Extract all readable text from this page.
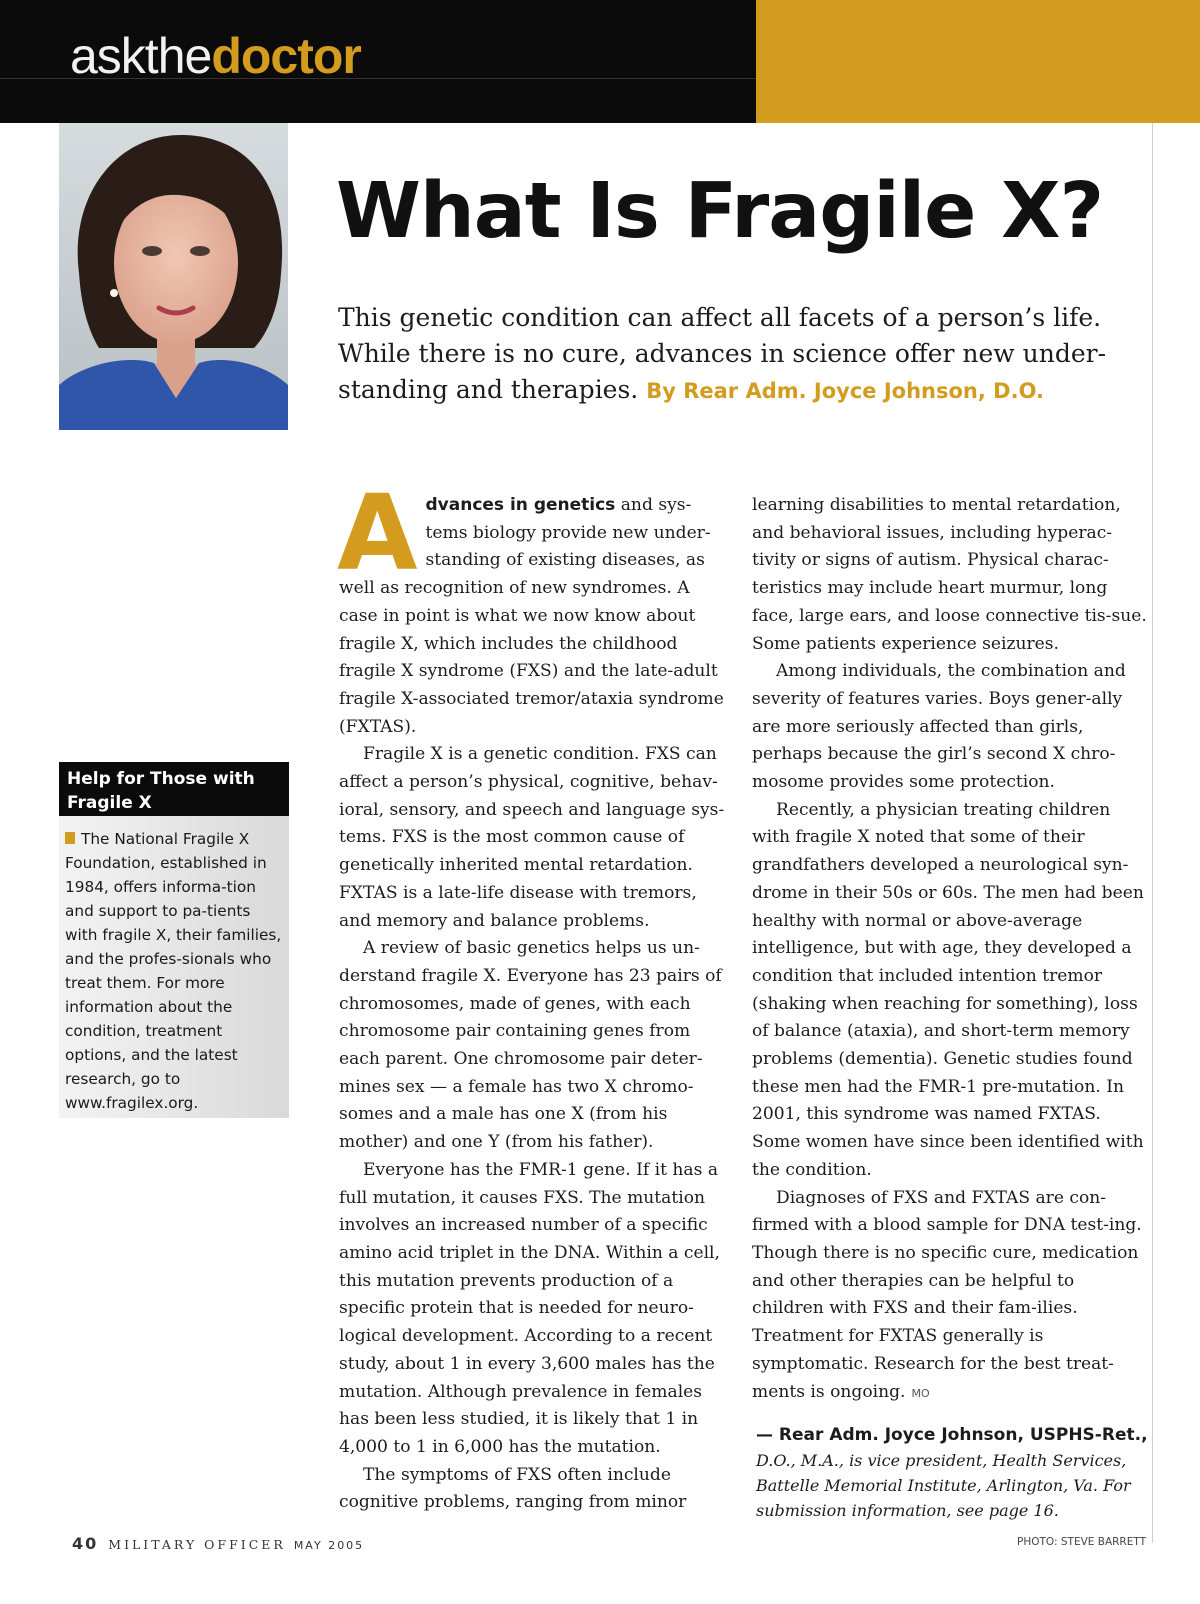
askthedoctor
What Is Fragile X?

This genetic condition can affect all facets of a person’s life. While there is no cure, advances in science offer new under-standing and therapies. By Rear Adm. Joyce Johnson, D.O.

Help for Those with Fragile X
The National Fragile X Foundation, established in 1984, offers informa-tion and support to pa-tients with fragile X, their families, and the profes-sionals who treat them. For more information about the condition, treatment options, and the latest research, go to www.fragilex.org.

Advances in genetics and sys-tems biology provide new under-standing of existing diseases, as well as recognition of new syndromes. A case in point is what we now know about fragile X, which includes the childhood fragile X syndrome (FXS) and the late-adult fragile X-associated tremor/ataxia syndrome (FXTAS).

Fragile X is a genetic condition. FXS can affect a person’s physical, cognitive, behav-ioral, sensory, and speech and language sys-tems. FXS is the most common cause of genetically inherited mental retardation. FXTAS is a late-life disease with tremors, and memory and balance problems.

A review of basic genetics helps us un-derstand fragile X. Everyone has 23 pairs of chromosomes, made of genes, with each chromosome pair containing genes from each parent. One chromosome pair deter-mines sex — a female has two X chromo-somes and a male has one X (from his mother) and one Y (from his father).

Everyone has the FMR-1 gene. If it has a full mutation, it causes FXS. The mutation involves an increased number of a specific amino acid triplet in the DNA. Within a cell, this mutation prevents production of a specific protein that is needed for neuro-logical development. According to a recent study, about 1 in every 3,600 males has the mutation. Although prevalence in females has been less studied, it is likely that 1 in 4,000 to 1 in 6,000 has the mutation.

The symptoms of FXS often include cognitive problems, ranging from minor

learning disabilities to mental retardation, and behavioral issues, including hyperac-tivity or signs of autism. Physical charac-teristics may include heart murmur, long face, large ears, and loose connective tis-sue. Some patients experience seizures.

Among individuals, the combination and severity of features varies. Boys gener-ally are more seriously affected than girls, perhaps because the girl’s second X chro-mosome provides some protection.

Recently, a physician treating children with fragile X noted that some of their grandfathers developed a neurological syn-drome in their 50s or 60s. The men had been healthy with normal or above-average intelligence, but with age, they developed a condition that included intention tremor (shaking when reaching for something), loss of balance (ataxia), and short-term memory problems (dementia). Genetic studies found these men had the FMR-1 pre-mutation. In 2001, this syndrome was named FXTAS. Some women have since been identified with the condition.

Diagnoses of FXS and FXTAS are con-firmed with a blood sample for DNA test-ing. Though there is no specific cure, medication and other therapies can be helpful to children with FXS and their fam-ilies. Treatment for FXTAS generally is symptomatic. Research for the best treat-ments is ongoing. MO

— Rear Adm. Joyce Johnson, USPHS-Ret.,
D.O., M.A., is vice president, Health Services, Battelle Memorial Institute, Arlington, Va. For submission information, see page 16.
40 MILITARY OFFICER MAY 2005	PHOTO: STEVE BARRETT
